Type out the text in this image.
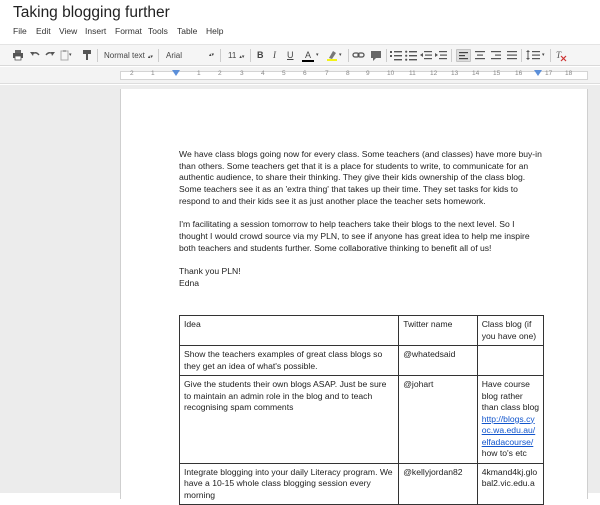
Taking blogging further
File Edit View Insert Format Tools Table Help
▾	Normal text ▴▾	Arial	▴▾ 11 ▴▾	B I U	A	▾	▾	▾ T
2	1	1	2	3	4	5	6	7	8	9	10 11 12 13 14 15 16	17 18

We have class blogs going now for every class. Some teachers (and classes) have more buy-in than others. Some teachers get that it is a place for students to write, to communicate for an authentic audience, to share their thinking. They give their kids ownership of the class blog. Some teachers see it as an 'extra thing' that takes up their time. They set tasks for kids to respond to and their kids see it as just another place the teacher sets homework.

I'm facilitating a session tomorrow to help teachers take their blogs to the next level. So I thought I would crowd source via my PLN, to see if anyone has great idea to help me inspire both teachers and students further. Some collaborative thinking to benefit all of us!

Thank you PLN!

Edna

Idea	Twitter name	Class blog (if you have one)
Show the teachers examples of great class blogs so they get an idea of what's possible.	@whatedsaid	
Give the students their own blogs ASAP. Just be sure to maintain an admin role in the blog and to teach recognising spam comments	@johart	Have course blog rather than class blog
http://blogs.cyoc.wa.edu.au/elfadacourse/
how to's etc

Integrate blogging into your daily Literacy program. We have a 10-15 whole class blogging session every morning	@kellyjordan82	4kmand4kj.global2.vic.edu.a
